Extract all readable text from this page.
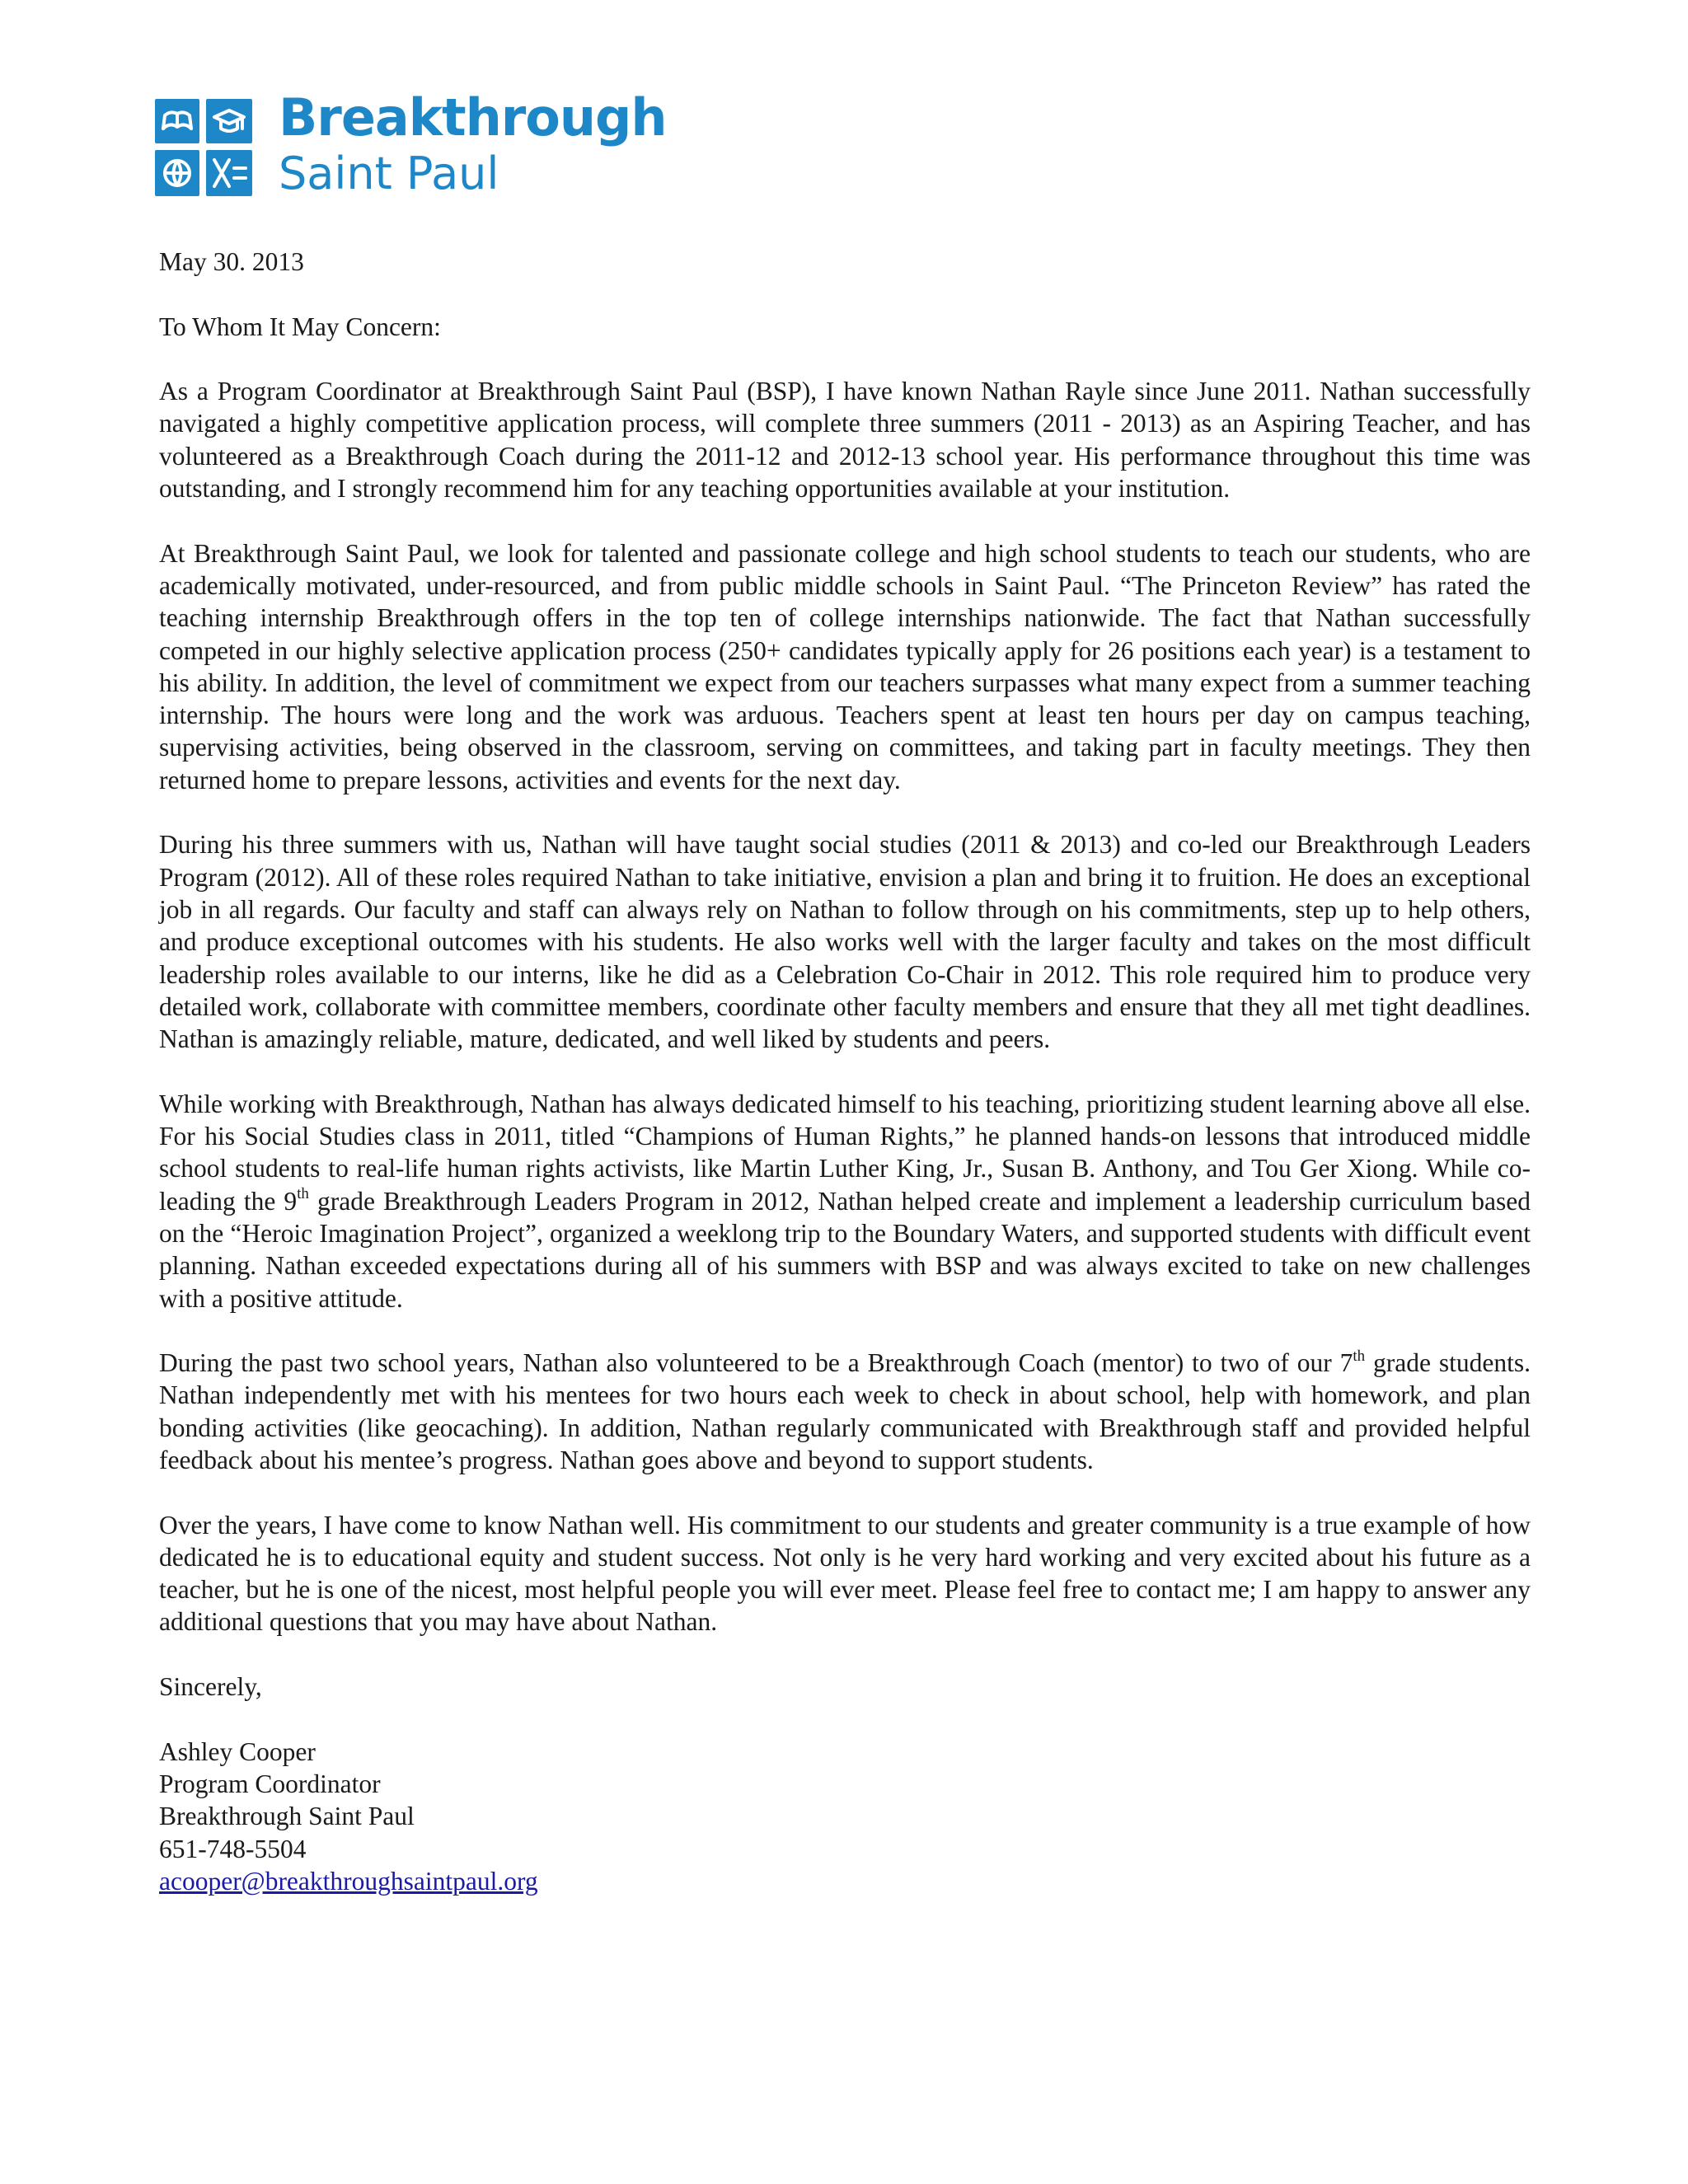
Breakthrough
Saint Paul

May 30. 2013

To Whom It May Concern:

As a Program Coordinator at Breakthrough Saint Paul (BSP), I have known Nathan Rayle since June 2011. Nathan successfully navigated a highly competitive application process, will complete three summers (2011 - 2013) as an Aspiring Teacher, and has volunteered as a Breakthrough Coach during the 2011-12 and 2012-13 school year. His performance throughout this time was outstanding, and I strongly recommend him for any teaching opportunities available at your institution.

At Breakthrough Saint Paul, we look for talented and passionate college and high school students to teach our students, who are academically motivated, under-resourced, and from public middle schools in Saint Paul. “The Princeton Review” has rated the teaching internship Breakthrough offers in the top ten of college internships nationwide. The fact that Nathan successfully competed in our highly selective application process (250+ candidates typically apply for 26 positions each year) is a testament to his ability. In addition, the level of commitment we expect from our teachers surpasses what many expect from a summer teaching internship. The hours were long and the work was arduous. Teachers spent at least ten hours per day on campus teaching, supervising activities, being observed in the classroom, serving on committees, and taking part in faculty meetings. They then returned home to prepare lessons, activities and events for the next day.

During his three summers with us, Nathan will have taught social studies (2011 & 2013) and co-led our Breakthrough Leaders Program (2012). All of these roles required Nathan to take initiative, envision a plan and bring it to fruition. He does an exceptional job in all regards. Our faculty and staff can always rely on Nathan to follow through on his commitments, step up to help others, and produce exceptional outcomes with his students. He also works well with the larger faculty and takes on the most difficult leadership roles available to our interns, like he did as a Celebration Co-Chair in 2012. This role required him to produce very detailed work, collaborate with committee members, coordinate other faculty members and ensure that they all met tight deadlines. Nathan is amazingly reliable, mature, dedicated, and well liked by students and peers.

While working with Breakthrough, Nathan has always dedicated himself to his teaching, prioritizing student learning above all else. For his Social Studies class in 2011, titled “Champions of Human Rights,” he planned hands-on lessons that introduced middle school students to real-life human rights activists, like Martin Luther King, Jr., Susan B. Anthony, and Tou Ger Xiong. While co-leading the 9th grade Breakthrough Leaders Program in 2012, Nathan helped create and implement a leadership curriculum based on the “Heroic Imagination Project”, organized a weeklong trip to the Boundary Waters, and supported students with difficult event planning. Nathan exceeded expectations during all of his summers with BSP and was always excited to take on new challenges with a positive attitude.

During the past two school years, Nathan also volunteered to be a Breakthrough Coach (mentor) to two of our 7th grade students. Nathan independently met with his mentees for two hours each week to check in about school, help with homework, and plan bonding activities (like geocaching). In addition, Nathan regularly communicated with Breakthrough staff and provided helpful feedback about his mentee’s progress. Nathan goes above and beyond to support students.

Over the years, I have come to know Nathan well. His commitment to our students and greater community is a true example of how dedicated he is to educational equity and student success. Not only is he very hard working and very excited about his future as a teacher, but he is one of the nicest, most helpful people you will ever meet. Please feel free to contact me; I am happy to answer any additional questions that you may have about Nathan.

Sincerely,

Ashley Cooper
Program Coordinator
Breakthrough Saint Paul
651-748-5504
acooper@breakthroughsaintpaul.org
